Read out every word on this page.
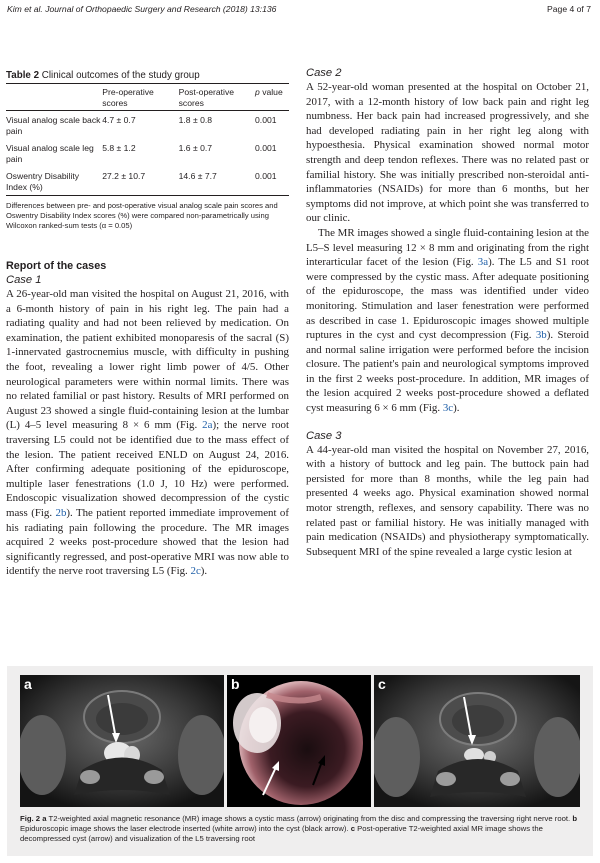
Kim et al. Journal of Orthopaedic Surgery and Research (2018) 13:136	Page 4 of 7
Table 2 Clinical outcomes of the study group
	Pre-operative scores	Post-operative scores	p value
Visual analog scale back pain	4.7 ± 0.7	1.8 ± 0.8	0.001
Visual analog scale leg pain	5.8 ± 1.2	1.6 ± 0.7	0.001
Oswentry Disability Index (%)	27.2 ± 10.7	14.6 ± 7.7	0.001
Differences between pre- and post-operative visual analog scale pain scores and Oswentry Disability Index scores (%) were compared non-parametrically using Wilcoxon ranked-sum tests (α = 0.05)
Report of the cases
Case 1

A 26-year-old man visited the hospital on August 21, 2016, with a 6-month history of pain in his right leg. The pain had a radiating quality and had not been relieved by medication. On examination, the patient exhibited monoparesis of the sacral (S) 1-innervated gastrocnemius muscle, with difficulty in pushing the foot, revealing a lower right limb power of 4/5. Other neurological parameters were within normal limits. There was no related familial or past history. Results of MRI performed on August 23 showed a single fluid-containing lesion at the lumbar (L) 4–5 level measuring 8 × 6 mm (Fig. 2a); the nerve root traversing L5 could not be identified due to the mass effect of the lesion. The patient received ENLD on August 24, 2016. After confirming adequate positioning of the epiduroscope, multiple laser fenestrations (1.0 J, 10 Hz) were performed. Endoscopic visualization showed decompression of the cystic mass (Fig. 2b). The patient reported immediate improvement of his radiating pain following the procedure. The MR images acquired 2 weeks post-procedure showed that the lesion had significantly regressed, and post-operative MRI was now able to identify the nerve root traversing L5 (Fig. 2c).

Case 2

A 52-year-old woman presented at the hospital on October 21, 2017, with a 12-month history of low back pain and right leg numbness. Her back pain had increased progressively, and she had developed radiating pain in her right leg along with hypoesthesia. Physical examination showed normal motor strength and deep tendon reflexes. There was no related past or familial history. She was initially prescribed non-steroidal anti-inflammatories (NSAIDs) for more than 6 months, but her symptoms did not improve, at which point she was transferred to our clinic.

The MR images showed a single fluid-containing lesion at the L5–S level measuring 12 × 8 mm and originating from the right interarticular facet of the lesion (Fig. 3a). The L5 and S1 root were compressed by the cystic mass. After adequate positioning of the epiduroscope, the mass was identified under video monitoring. Stimulation and laser fenestration were performed as described in case 1. Epiduroscopic images showed multiple ruptures in the cyst and cyst decompression (Fig. 3b). Steroid and normal saline irrigation were performed before the incision closure. The patient's pain and neurological symptoms improved in the first 2 weeks post-procedure. In addition, MR images of the lesion acquired 2 weeks post-procedure showed a deflated cyst measuring 6 × 6 mm (Fig. 3c).

Case 3

A 44-year-old man visited the hospital on November 27, 2016, with a history of buttock and leg pain. The buttock pain had persisted for more than 8 months, while the leg pain had presented 4 weeks ago. Physical examination showed normal motor strength, reflexes, and sensory capability. There was no related past or familial history. He was initially managed with pain medication (NSAIDs) and physiotherapy symptomatically. Subsequent MRI of the spine revealed a large cystic lesion at

a	b	c
Fig. 2 a T2-weighted axial magnetic resonance (MR) image shows a cystic mass (arrow) originating from the disc and compressing the traversing right nerve root. b Epiduroscopic image shows the laser electrode inserted (white arrow) into the cyst (black arrow). c Post-operative T2-weighted axial MR image shows the decompressed cyst (arrow) and visualization of the L5 traversing root
